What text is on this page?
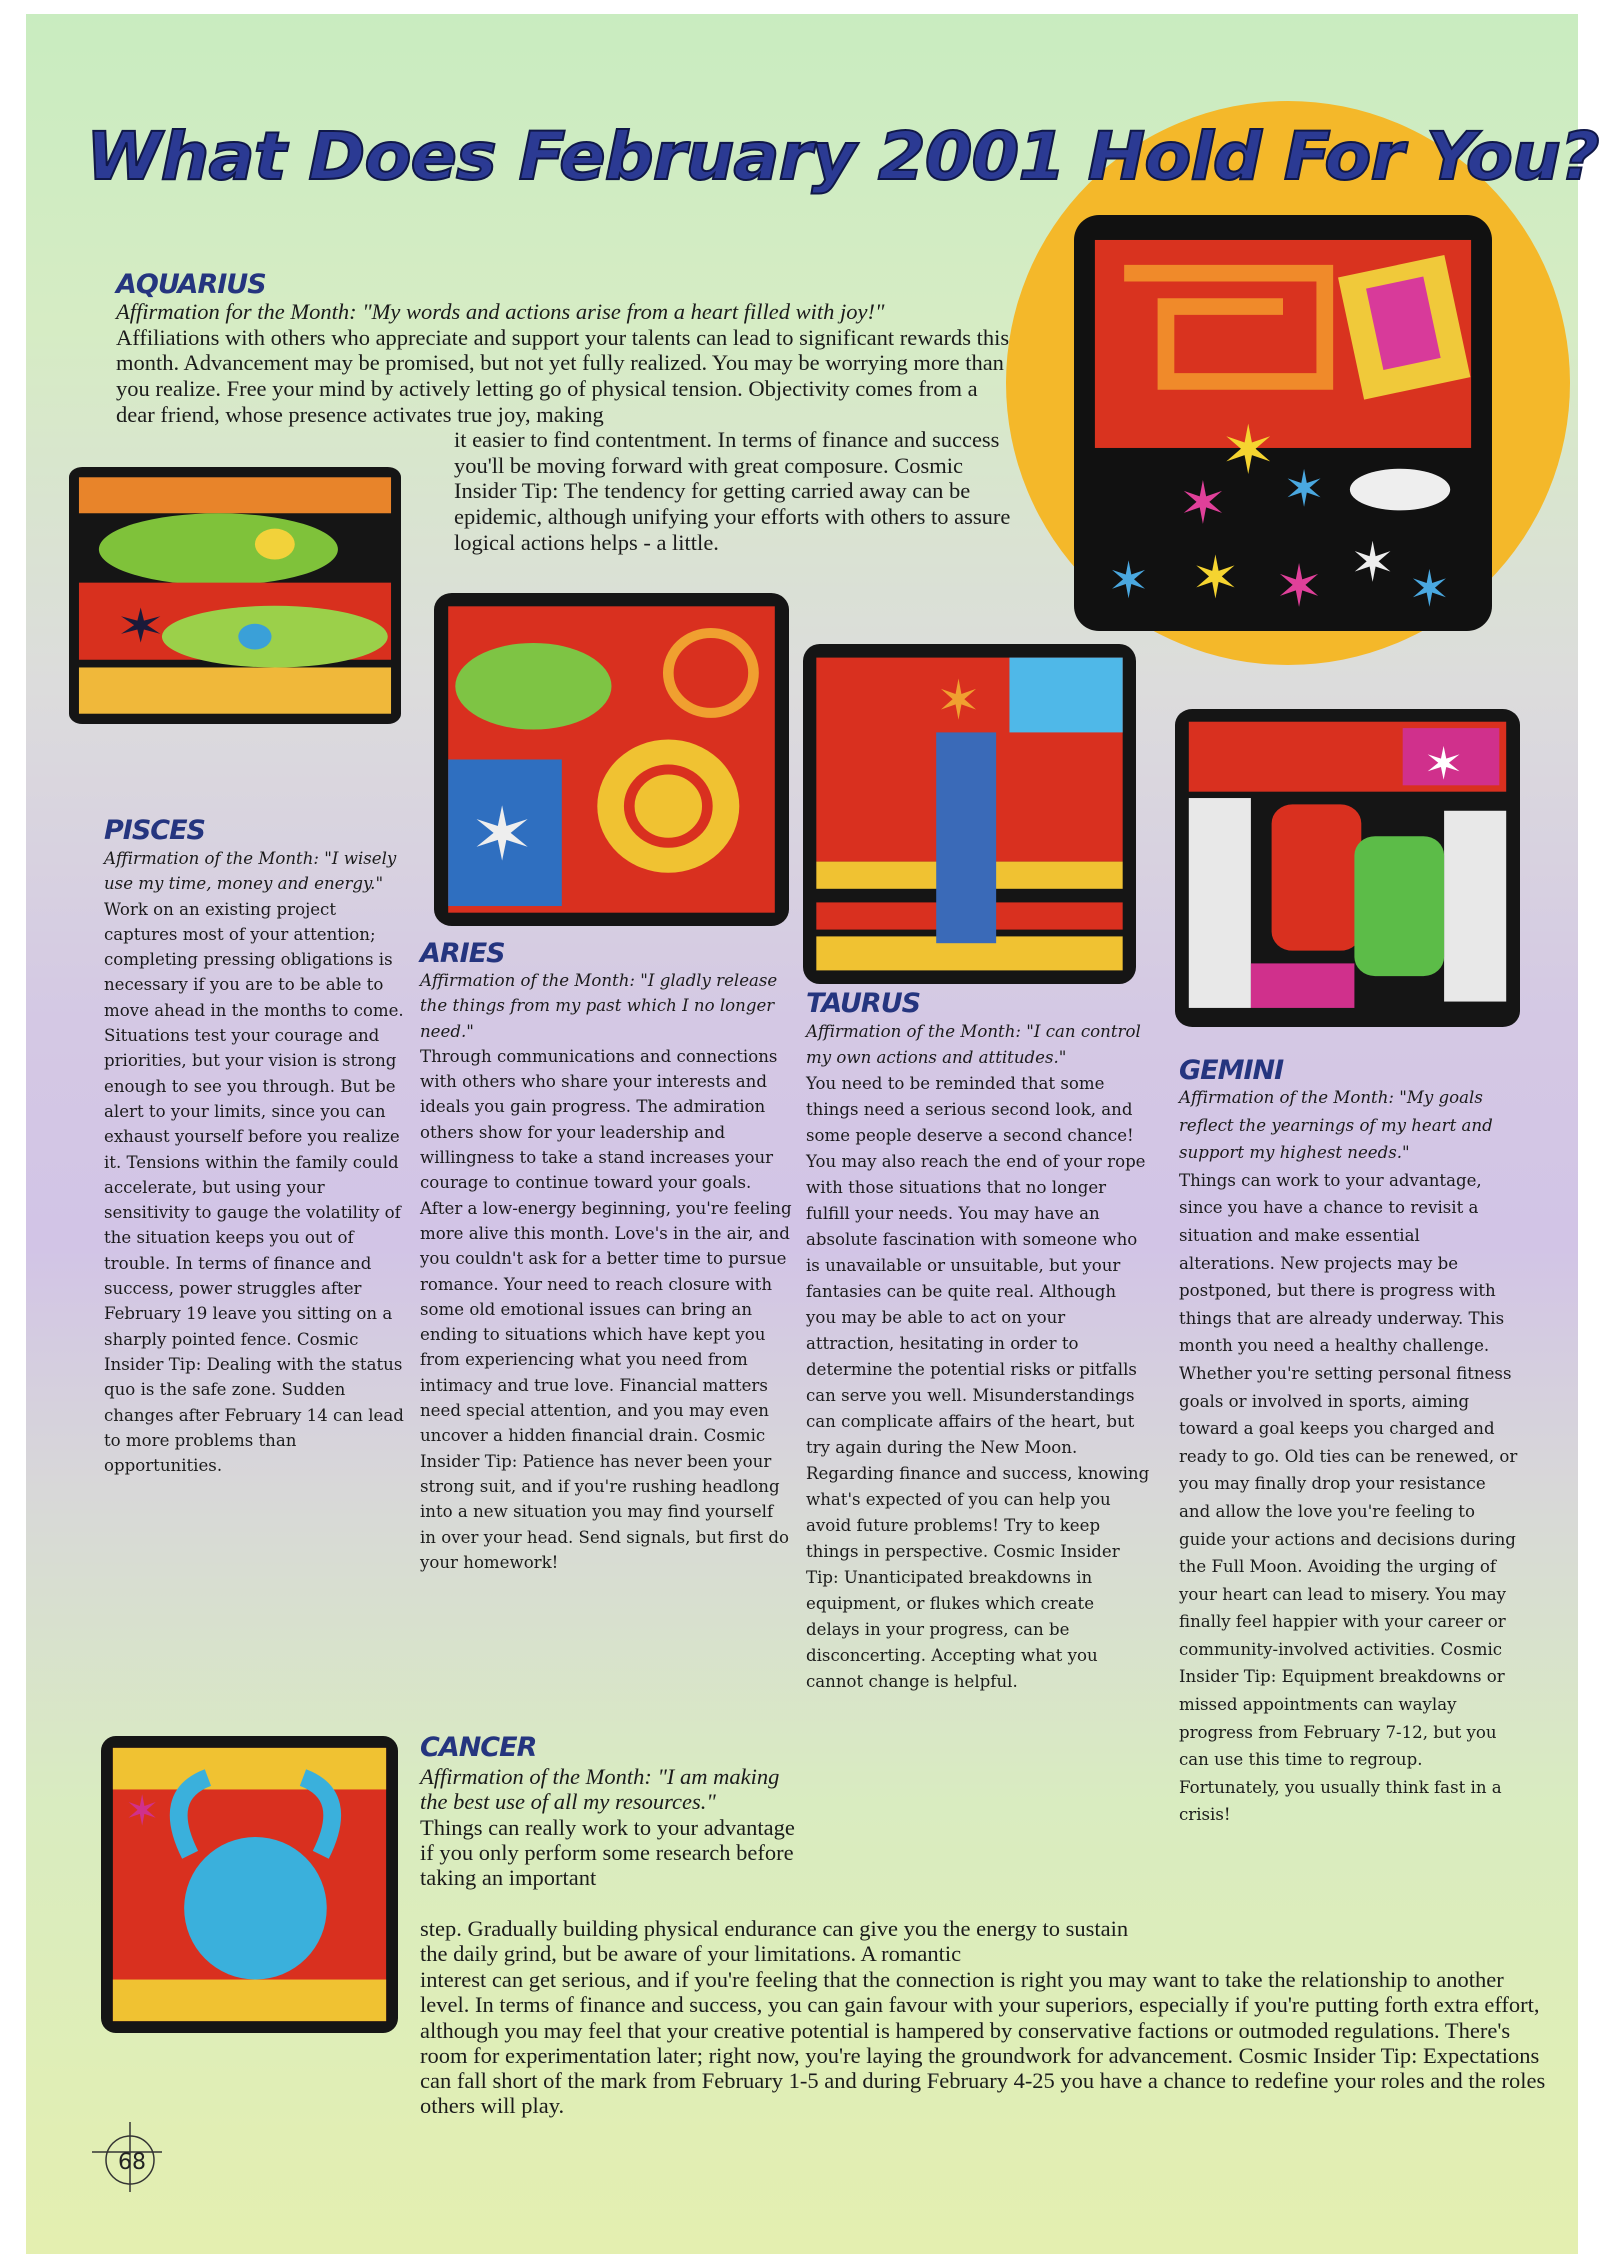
✶
✶	✶
✶	✶ ✶ ✶ ✶
What Does February 2001 Hold For You?
AQUARIUS
Affirmation for the Month: "My words and actions arise from a heart filled with joy!"
Affiliations with others who appreciate and support your talents can lead to significant rewards this month. Advancement may be promised, but not yet fully realized. You may be worrying more than you realize. Free your mind by actively letting go of physical tension. Objectivity comes from a dear friend, whose presence activates true joy, making
it easier to find contentment. In terms of finance and success you'll be moving forward with great composure. Cosmic Insider Tip: The tendency for getting carried away can be epidemic, although unifying your efforts with others to assure logical actions helps - a little.
✶
PISCES
Affirmation of the Month: "I wisely use my time, money and energy."
Work on an existing project captures most of your attention; completing pressing obligations is necessary if you are to be able to move ahead in the months to come. Situations test your courage and priorities, but your vision is strong enough to see you through. But be alert to your limits, since you can exhaust yourself before you realize it. Tensions within the family could accelerate, but using your sensitivity to gauge the volatility of the situation keeps you out of trouble. In terms of finance and success, power struggles after February 19 leave you sitting on a sharply pointed fence. Cosmic Insider Tip: Dealing with the status quo is the safe zone. Sudden changes after February 14 can lead to more problems than opportunities.
✶
ARIES
Affirmation of the Month: "I gladly release the things from my past which I no longer need."
Through communications and connections with others who share your interests and ideals you gain progress. The admiration others show for your leadership and willingness to take a stand increases your courage to continue toward your goals. After a low-energy beginning, you're feeling more alive this month. Love's in the air, and you couldn't ask for a better time to pursue romance. Your need to reach closure with some old emotional issues can bring an ending to situations which have kept you from experiencing what you need from intimacy and true love. Financial matters need special attention, and you may even uncover a hidden financial drain. Cosmic Insider Tip: Patience has never been your strong suit, and if you're rushing headlong into a new situation you may find yourself in over your head. Send signals, but first do your homework!
✶
TAURUS
Affirmation of the Month: "I can control my own actions and attitudes."
You need to be reminded that some things need a serious second look, and some people deserve a second chance! You may also reach the end of your rope with those situations that no longer fulfill your needs. You may have an absolute fascination with someone who is unavailable or unsuitable, but your fantasies can be quite real. Although you may be able to act on your attraction, hesitating in order to determine the potential risks or pitfalls can serve you well. Misunderstandings can complicate affairs of the heart, but try again during the New Moon. Regarding finance and success, knowing what's expected of you can help you avoid future problems! Try to keep things in perspective. Cosmic Insider Tip: Unanticipated breakdowns in equipment, or flukes which create delays in your progress, can be disconcerting. Accepting what you cannot change is helpful.
✶
GEMINI
Affirmation of the Month: "My goals reflect the yearnings of my heart and support my highest needs."
Things can work to your advantage, since you have a chance to revisit a situation and make essential alterations. New projects may be postponed, but there is progress with things that are already underway. This month you need a healthy challenge. Whether you're setting personal fitness goals or involved in sports, aiming toward a goal keeps you charged and ready to go. Old ties can be renewed, or you may finally drop your resistance and allow the love you're feeling to guide your actions and decisions during the Full Moon. Avoiding the urging of your heart can lead to misery. You may finally feel happier with your career or community-involved activities. Cosmic Insider Tip: Equipment breakdowns or missed appointments can waylay progress from February 7-12, but you can use this time to regroup. Fortunately, you usually think fast in a crisis!
✶
CANCER
Affirmation of the Month: "I am making the best use of all my resources."
Things can really work to your advantage if you only perform some research before taking an important
step. Gradually building physical endurance can give you the energy to sustain the daily grind, but be aware of your limitations. A romantic
interest can get serious, and if you're feeling that the connection is right you may want to take the relationship to another level. In terms of finance and success, you can gain favour with your superiors, especially if you're putting forth extra effort, although you may feel that your creative potential is hampered by conservative factions or outmoded regulations. There's room for experimentation later; right now, you're laying the groundwork for advancement. Cosmic Insider Tip: Expectations can fall short of the mark from February 1-5 and during February 4-25 you have a chance to redefine your roles and the roles others will play.
68
